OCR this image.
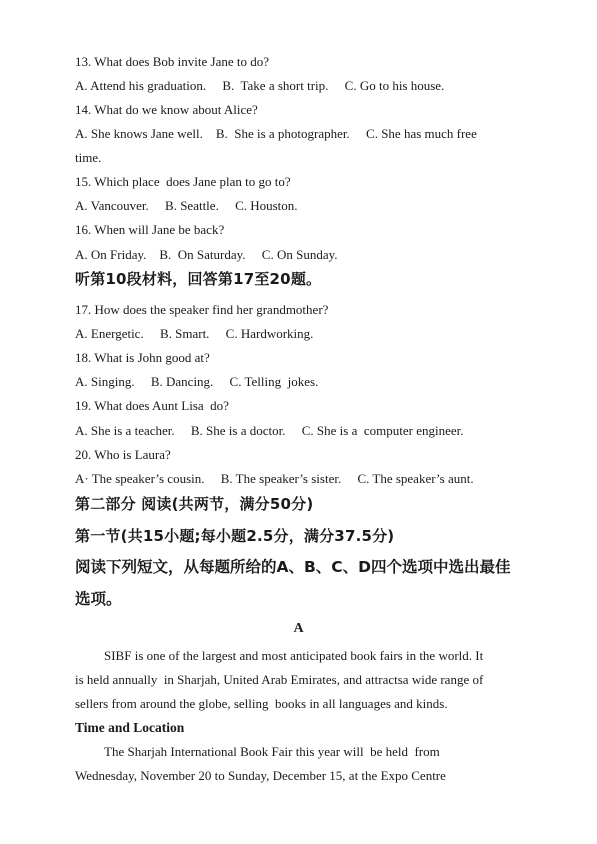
13. What does Bob invite Jane to do?
A. Attend his graduation.     B.  Take a short trip.     C. Go to his house.
14. What do we know about Alice?
A. She knows Jane well.    B.  She is a photographer.     C. She has much free
time.
15. Which place  does Jane plan to go to?
A. Vancouver.     B. Seattle.     C. Houston.
16. When will Jane be back?
A. On Friday.    B.  On Saturday.     C. On Sunday.
听第10段材料，回答第17至20题。
17. How does the speaker find her grandmother?
A. Energetic.     B. Smart.     C. Hardworking.
18. What is John good at?
A. Singing.     B. Dancing.     C. Telling  jokes.
19. What does Aunt Lisa  do?
A. She is a teacher.     B. She is a doctor.     C. She is a  computer engineer.
20. Who is Laura?
A· The speaker’s cousin.     B. The speaker’s sister.     C. The speaker’s aunt.
第二部分 阅读(共两节，满分50分)
第一节(共15小题;每小题2.5分，满分37.5分)
阅读下列短文，从每题所给的A、B、C、D四个选项中选出最佳
选项。
A
SIBF is one of the largest and most anticipated book fairs in the world. It
is held annually  in Sharjah, United Arab Emirates, and attractsa wide range of
sellers from around the globe, selling  books in all languages and kinds.
Time and Location
The Sharjah International Book Fair this year will  be held  from
Wednesday, November 20 to Sunday, December 15, at the Expo Centre
